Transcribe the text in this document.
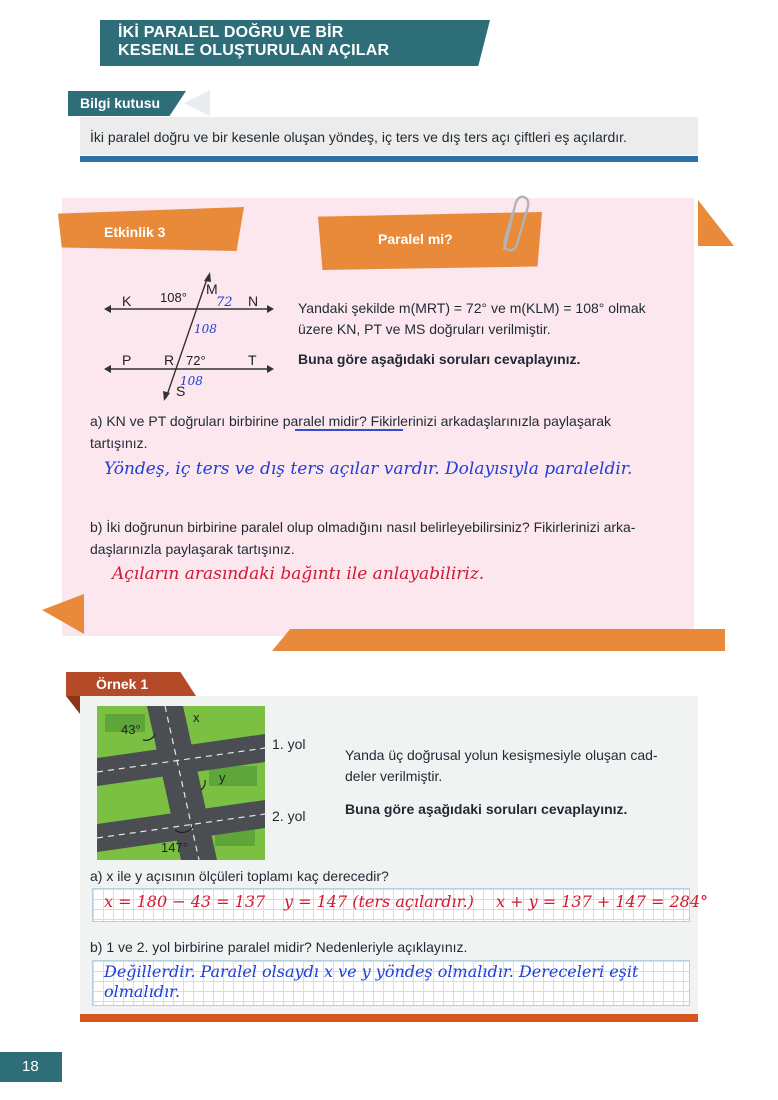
İKİ PARALEL DOĞRU VE BİR
KESENLE OLUŞTURULAN AÇILAR
Bilgi kutusu
İki paralel doğru ve bir kesenle oluşan yöndeş, iç ters ve dış ters açı çiftleri eş açılardır.
Etkinlik 3	Paralel mi?
K 108°
M
72 N
108
P R 72°	T
S
108
Yandaki şekilde m(MRT) = 72° ve m(KLM) = 108° olmak
üzere KN, PT ve MS doğruları verilmiştir.
Buna göre aşağıdaki soruları cevaplayınız.
a) KN ve PT doğruları birbirine paralel midir? Fikirlerinizi arkadaşlarınızla paylaşarak
tartışınız.
Yöndeş, iç ters ve dış ters açılar vardır. Dolayısıyla paraleldir.
b) İki doğrunun birbirine paralel olup olmadığını nasıl belirleyebilirsiniz? Fikirlerinizi arka-
daşlarınızla paylaşarak tartışınız.
Açıların arasındaki bağıntı ile anlayabiliriz.
Örnek 1
43°
x
y
147°
1. yol
2. yol
Yanda üç doğrusal yolun kesişmesiyle oluşan cad-
deler verilmiştir.
Buna göre aşağıdaki soruları cevaplayınız.
a) x ile y açısının ölçüleri toplamı kaç derecedir?
x = 180 − 43 = 137 y = 147 (ters açılardır.) x + y = 137 + 147 = 284°
b) 1 ve 2. yol birbirine paralel midir? Nedenleriyle açıklayınız.
Değillerdir. Paralel olsaydı x ve y yöndeş olmalıdır. Dereceleri eşit
olmalıdır.
18
